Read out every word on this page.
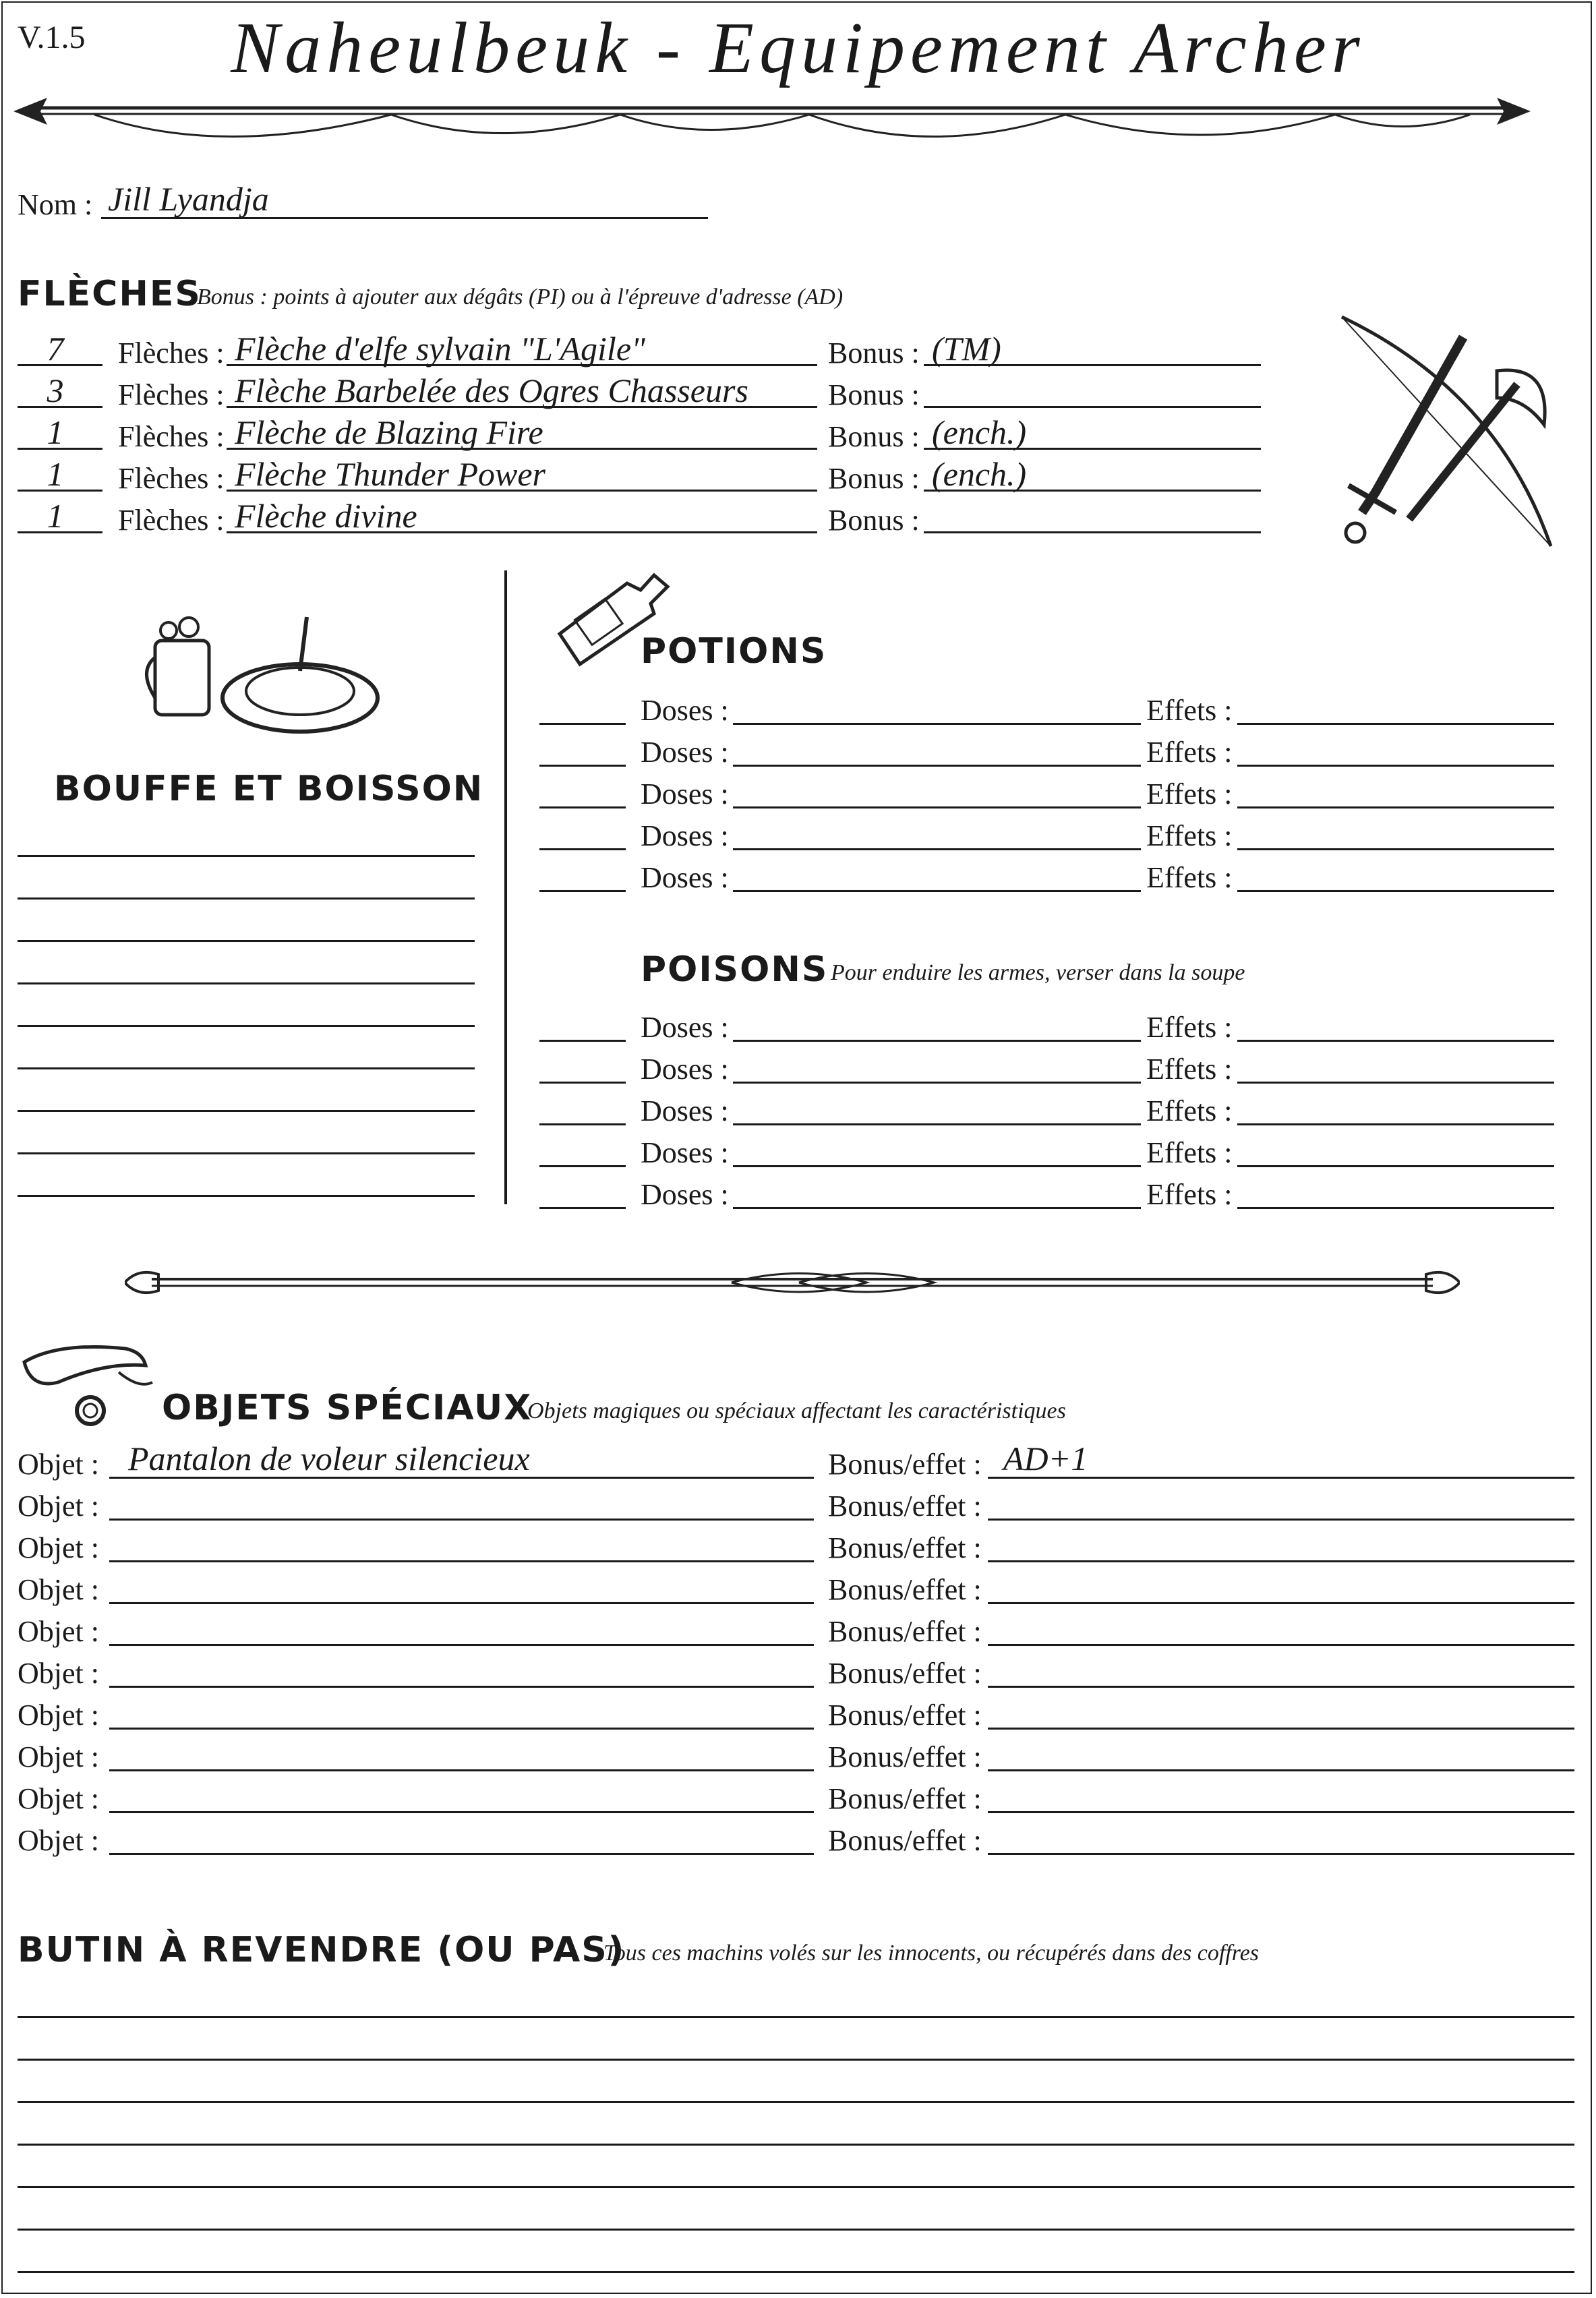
V.1.5	Naheulbeuk - Equipement Archer
Nom : Jill Lyandja
FLÈCHES
Bonus : points à ajouter aux dégâts (PI) ou à l'épreuve d'adresse (AD)
7 Flèches : Flèche d'elfe sylvain "L'Agile"	Bonus : (TM)
3 Flèches : Flèche Barbelée des Ogres Chasseurs	Bonus :
1 Flèches : Flèche de Blazing Fire	Bonus : (ench.)
1 Flèches : Flèche Thunder Power	Bonus : (ench.)
1 Flèches : Flèche divine	Bonus :
BOUFFE ET BOISSON
POTIONS
Doses :	Effets :
Doses :	Effets :
Doses :	Effets :
Doses :	Effets :
Doses :	Effets :
POISONS Pour enduire les armes, verser dans la soupe
Doses :	Effets :
Doses :	Effets :
Doses :	Effets :
Doses :	Effets :
Doses :	Effets :
OBJETS SPÉCIAUX
Objets magiques ou spéciaux affectant les caractéristiques
Objet : Pantalon de voleur silencieux	Bonus/effet : AD+1
Objet :	Bonus/effet :
Objet :	Bonus/effet :
Objet :	Bonus/effet :
Objet :	Bonus/effet :
Objet :	Bonus/effet :
Objet :	Bonus/effet :
Objet :	Bonus/effet :
Objet :	Bonus/effet :
Objet :	Bonus/effet :
BUTIN À REVENDRE (OU PAS)
Tous ces machins volés sur les innocents, ou récupérés dans des coffres
